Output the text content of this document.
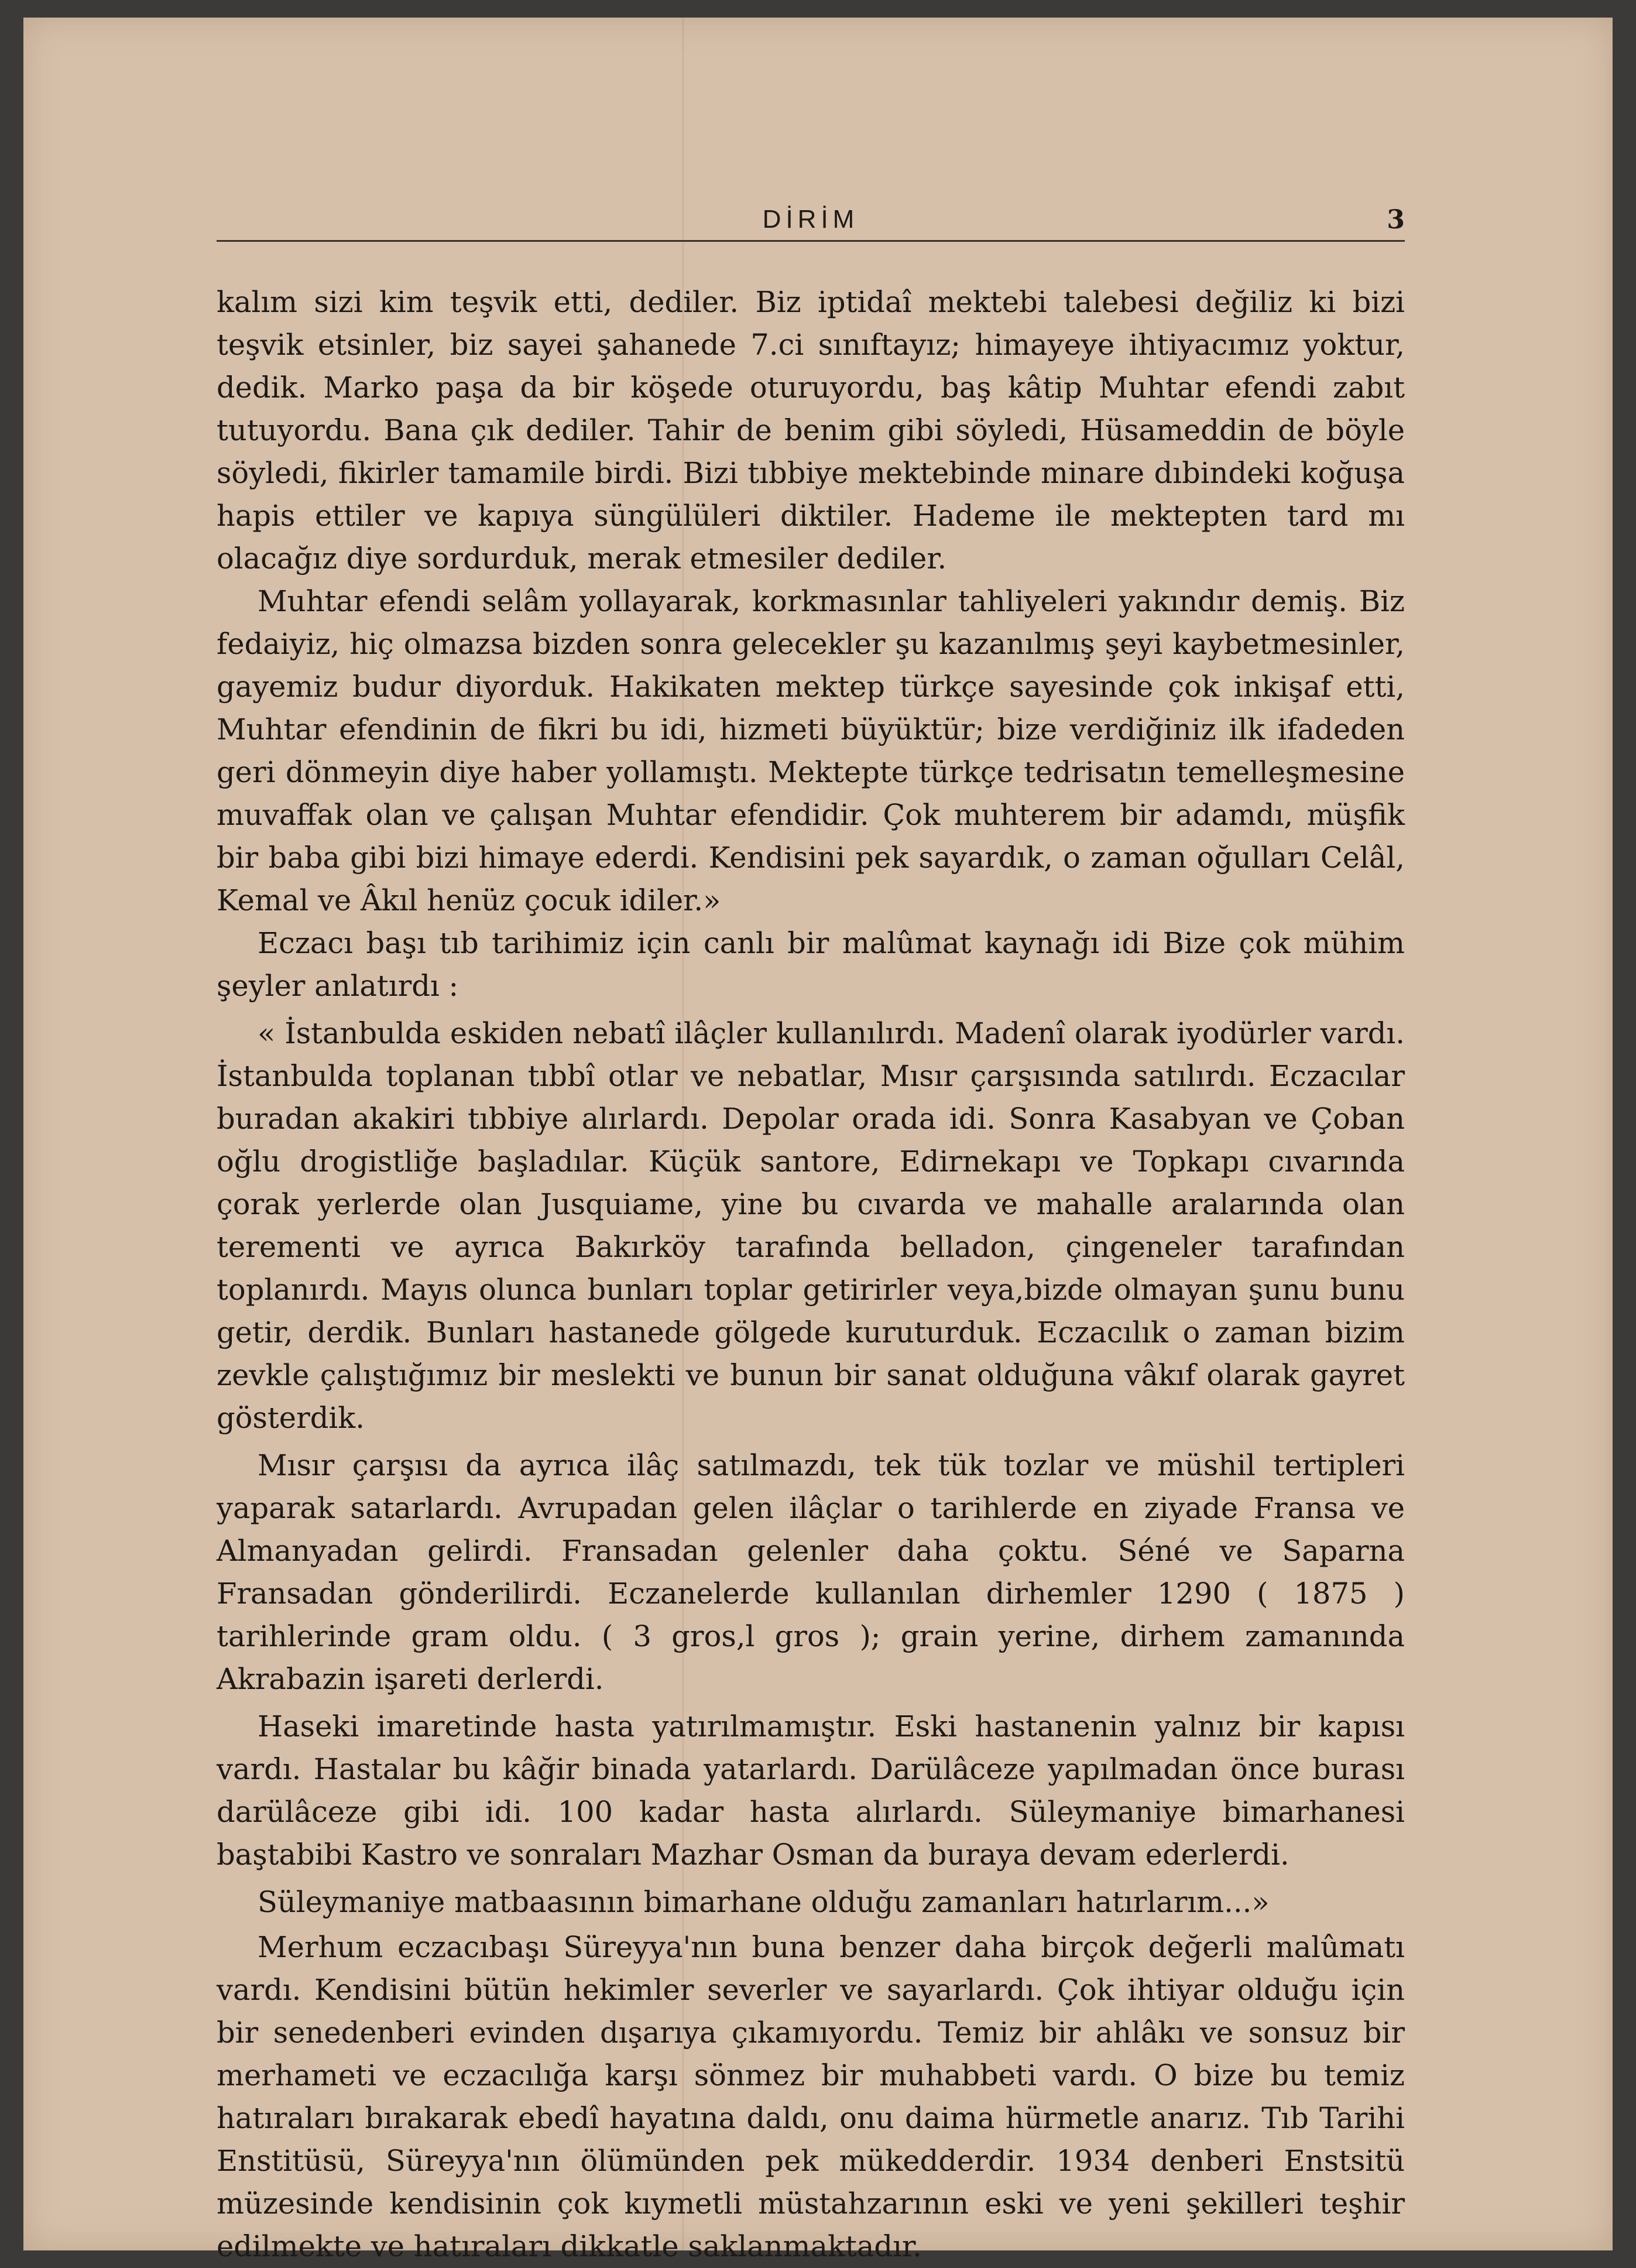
DİRİM	3

kalım sizi kim teşvik etti, dediler. Biz iptidaî mektebi talebesi değiliz ki bizi teşvik etsinler, biz sayei şahanede 7.ci sınıftayız; himayeye ihtiyacımız yoktur, dedik. Marko paşa da bir köşede oturuyordu, baş kâtip Muhtar efendi zabıt tutuyordu. Bana çık dediler. Tahir de benim gibi söyledi, Hüsameddin de böyle söyledi, fikirler tamamile birdi. Bizi tıbbiye mektebinde minare dıbindeki koğuşa hapis ettiler ve kapıya süngülüleri diktiler. Hademe ile mektepten tard mı olacağız diye sordurduk, merak etmesiler dediler.

Muhtar efendi selâm yollayarak, korkmasınlar tahliyeleri yakındır demiş. Biz fedaiyiz, hiç olmazsa bizden sonra gelecekler şu kazanılmış şeyi kaybetmesinler, gayemiz budur diyorduk. Hakikaten mektep türkçe sayesinde çok inkişaf etti, Muhtar efendinin de fikri bu idi, hizmeti büyüktür; bize verdiğiniz ilk ifadeden geri dönmeyin diye haber yollamıştı. Mektepte türkçe tedrisatın temelleşmesine muvaffak olan ve çalışan Muhtar efendidir. Çok muhterem bir adamdı, müşfik bir baba gibi bizi himaye ederdi. Kendisini pek sayardık, o zaman oğulları Celâl, Kemal ve Âkıl henüz çocuk idiler.»

Eczacı başı tıb tarihimiz için canlı bir malûmat kaynağı idi Bize çok mühim şeyler anlatırdı :

« İstanbulda eskiden nebatî ilâçler kullanılırdı. Madenî olarak iyodürler vardı. İstanbulda toplanan tıbbî otlar ve nebatlar, Mısır çarşısında satılırdı. Eczacılar buradan akakiri tıbbiye alırlardı. Depolar orada idi. Sonra Kasabyan ve Çoban oğlu drogistliğe başladılar. Küçük santore, Edirnekapı ve Topkapı cıvarında çorak yerlerde olan Jusquiame, yine bu cıvarda ve mahalle aralarında olan terementi ve ayrıca Bakırköy tarafında belladon, çingeneler tarafından toplanırdı. Mayıs olunca bunları toplar getirirler veya,bizde olmayan şunu bunu getir, derdik. Bunları hastanede gölgede kuruturduk. Eczacılık o zaman bizim zevkle çalıştığımız bir meslekti ve bunun bir sanat olduğuna vâkıf olarak gayret gösterdik.

Mısır çarşısı da ayrıca ilâç satılmazdı, tek tük tozlar ve müshil tertipleri yaparak satarlardı. Avrupadan gelen ilâçlar o tarihlerde en ziyade Fransa ve Almanyadan gelirdi. Fransadan gelenler daha çoktu. Séné ve Saparna Fransadan gönderilirdi. Eczanelerde kullanılan dirhemler 1290 ( 1875 ) tarihlerinde gram oldu. ( 3 gros,l gros ); grain yerine, dirhem zamanında Akrabazin işareti derlerdi.

Haseki imaretinde hasta yatırılmamıştır. Eski hastanenin yalnız bir kapısı vardı. Hastalar bu kâğir binada yatarlardı. Darülâceze yapılmadan önce burası darülâceze gibi idi. 100 kadar hasta alırlardı. Süleymaniye bimarhanesi baştabibi Kastro ve sonraları Mazhar Osman da buraya devam ederlerdi.

Süleymaniye matbaasının bimarhane olduğu zamanları hatırlarım...»

Merhum eczacıbaşı Süreyya'nın buna benzer daha birçok değerli malûmatı vardı. Kendisini bütün hekimler severler ve sayarlardı. Çok ihtiyar olduğu için bir senedenberi evinden dışarıya çıkamıyordu. Temiz bir ahlâkı ve sonsuz bir merhameti ve eczacılığa karşı sönmez bir muhabbeti vardı. O bize bu temiz hatıraları bırakarak ebedî hayatına daldı, onu daima hürmetle anarız. Tıb Tarihi Enstitüsü, Süreyya'nın ölümünden pek mükedderdir. 1934 denberi Enstsitü müzesinde kendisinin çok kıymetli müstahzarının eski ve yeni şekilleri teşhir edilmekte ve hatıraları dikkatle saklanmaktadır.
